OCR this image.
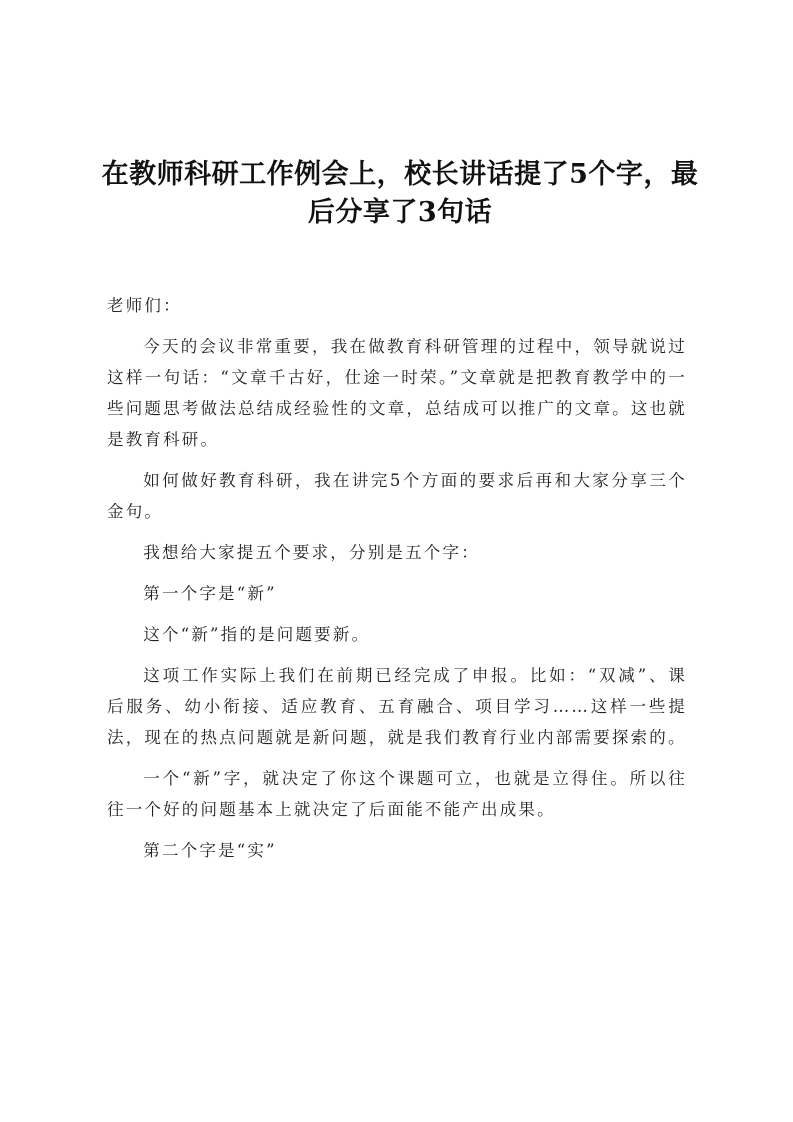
在教师科研工作例会上，校长讲话提了5个字，最后分享了3句话

老师们：

今天的会议非常重要，我在做教育科研管理的过程中，领导就说过这样一句话：“文章千古好，仕途一时荣。”文章就是把教育教学中的一些问题思考做法总结成经验性的文章，总结成可以推广的文章。这也就是教育科研。

如何做好教育科研，我在讲完5个方面的要求后再和大家分享三个金句。

我想给大家提五个要求，分别是五个字：

第一个字是“新”

这个“新”指的是问题要新。

这项工作实际上我们在前期已经完成了申报。比如：“双减”、课后服务、幼小衔接、适应教育、五育融合、项目学习……这样一些提法，现在的热点问题就是新问题，就是我们教育行业内部需要探索的。

一个“新”字，就决定了你这个课题可立，也就是立得住。所以往往一个好的问题基本上就决定了后面能不能产出成果。

第二个字是“实”
